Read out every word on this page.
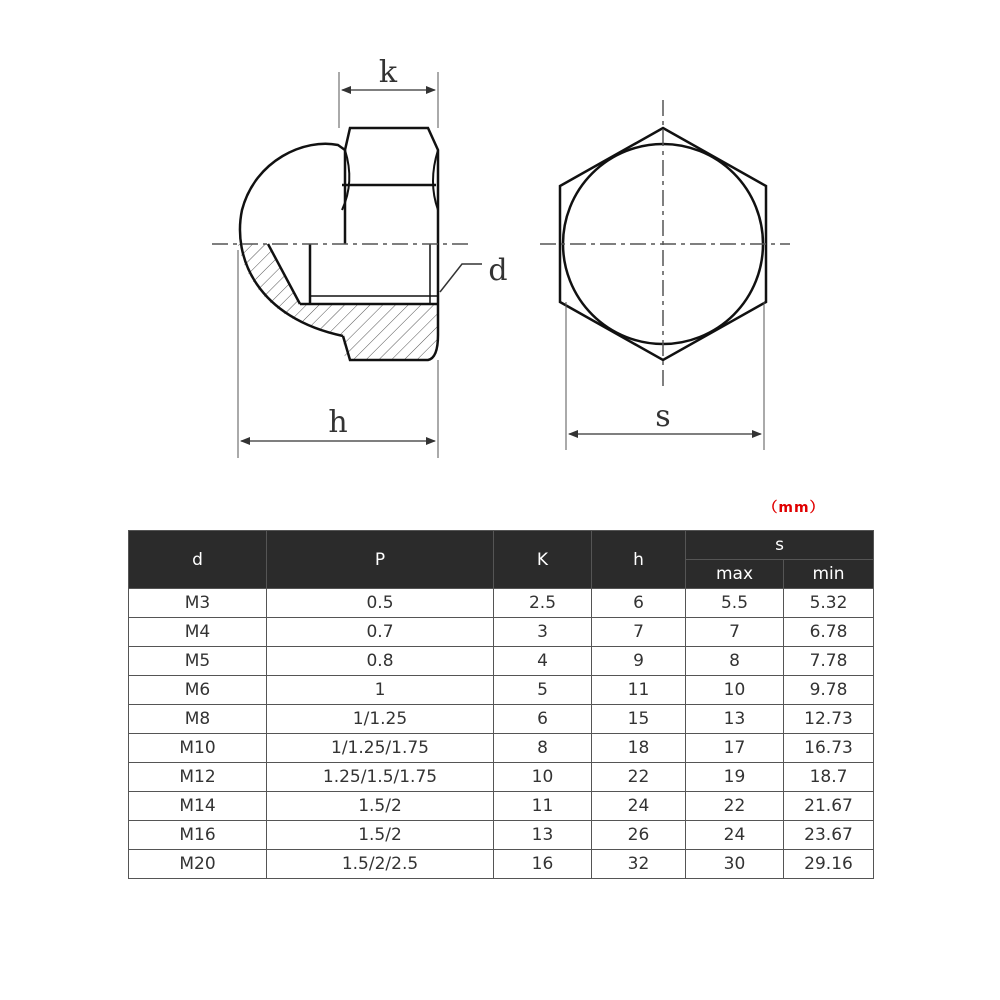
k
h
d
s
（mm）
d	P	K	h	s	
				max	min
M3	0.5	2.5	6	5.5	5.32
M4	0.7	3	7	7	6.78
M5	0.8	4	9	8	7.78
M6	1	5	11	10	9.78
M8	1/1.25	6	15	13	12.73
M10	1/1.25/1.75	8	18	17	16.73
M12	1.25/1.5/1.75	10	22	19	18.7
M14	1.5/2	11	24	22	21.67
M16	1.5/2	13	26	24	23.67
M20	1.5/2/2.5	16	32	30	29.16
